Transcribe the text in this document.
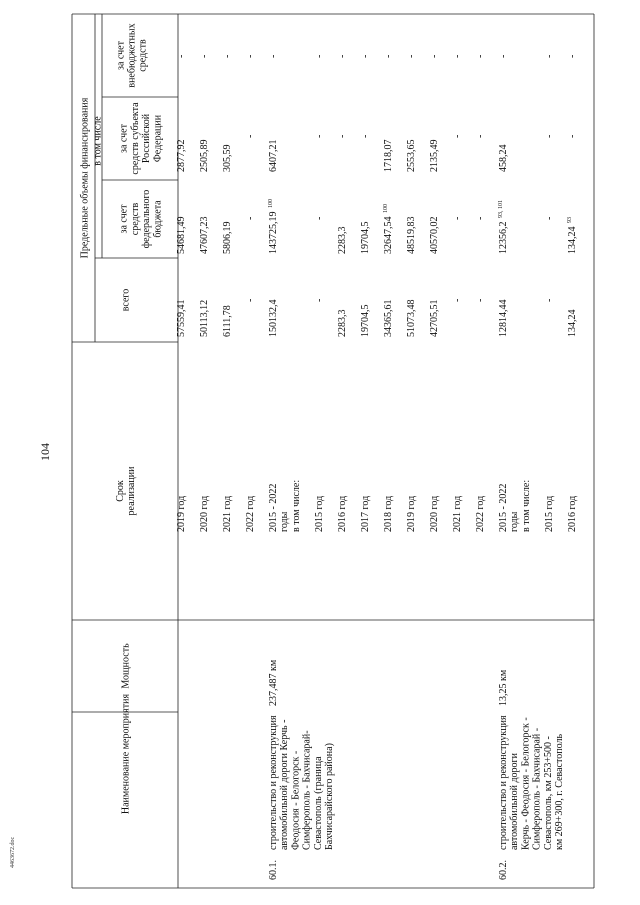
104
4463672.doc
Наименование мероприятия
Мощность
Срок реализации
Предельные объемы финансирования в том числе
всего
за счет средств федерального бюджета
за счет средств субъекта Российской Федерации
за счет внебюджетных средств
2019 год
57559,41
54681,49
2877,92
-
2020 год
50113,12
47607,23
2505,89
-
2021 год
6111,78
5806,19
305,59
-
2022 год
-
-
-
-
60.1.
строительство и реконструкция автомобильной дороги Керчь - Феодосия - Белогорск - Симферополь - Бахчисарай- Севастополь (граница Бахчисарайского района)
237,487 км
2015 - 2022 годы
150132,4
143725,19
100
6407,21
-
в том числе: 2015 год
-
-
-
-
2016 год
2283,3
2283,3
-
-
2017 год
19704,5
19704,5
-
-
2018 год
34365,61
32647,54
100
1718,07
-
2019 год
51073,48
48519,83
2553,65
-
2020 год
42705,51
40570,02
2135,49
-
2021 год
-
-
-
-
2022 год
-
-
-
-
60.2.
строительство и реконструкция автомобильной дороги Керчь - Феодосия - Белогорск - Симферополь - Бахчисарай - Севастополь, км 253+500 - км 269+300, г. Севастополь
13,25 км
2015 - 2022 годы
12814,44
12356,2
93, 101
458,24
-
в том числе: 2015 год
-
-
-
-
2016 год
134,24
134,24
93
-
-
